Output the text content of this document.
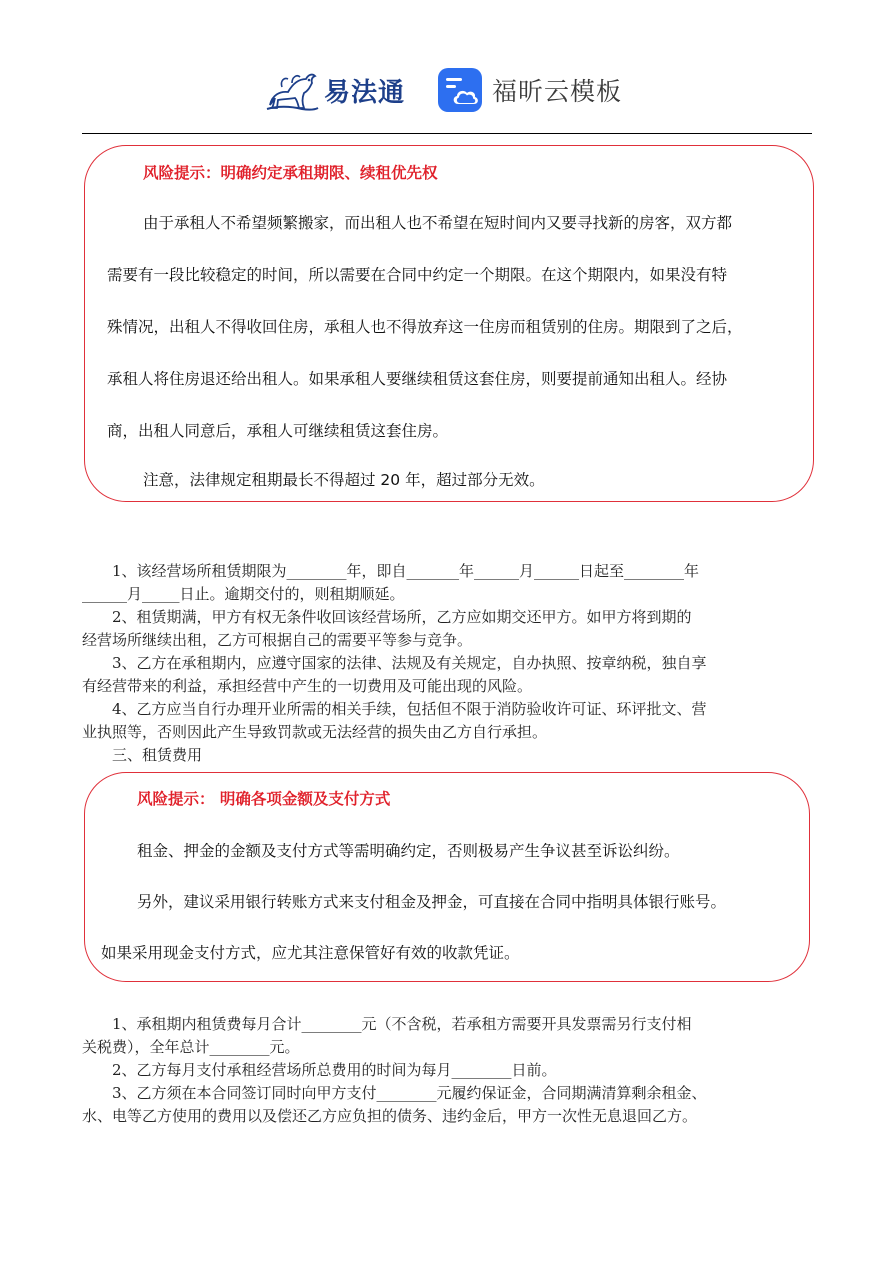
易法通	福昕云模板
风险提示：明确约定承租期限、续租优先权
由于承租人不希望频繁搬家，而出租人也不希望在短时间内又要寻找新的房客，双方都
需要有一段比较稳定的时间，所以需要在合同中约定一个期限。在这个期限内，如果没有特
殊情况，出租人不得收回住房，承租人也不得放弃这一住房而租赁别的住房。期限到了之后，
承租人将住房退还给出租人。如果承租人要继续租赁这套住房，则要提前通知出租人。经协
商，出租人同意后，承租人可继续租赁这套住房。
注意，法律规定租期最长不得超过 20 年，超过部分无效。
1、该经营场所租赁期限为________年，即自_______年______月______日起至________年
______月_____日止。逾期交付的，则租期顺延。
2、租赁期满，甲方有权无条件收回该经营场所，乙方应如期交还甲方。如甲方将到期的
经营场所继续出租，乙方可根据自己的需要平等参与竞争。
3、乙方在承租期内，应遵守国家的法律、法规及有关规定，自办执照、按章纳税，独自享
有经营带来的利益，承担经营中产生的一切费用及可能出现的风险。
4、乙方应当自行办理开业所需的相关手续，包括但不限于消防验收许可证、环评批文、营
业执照等，否则因此产生导致罚款或无法经营的损失由乙方自行承担。
三、租赁费用
风险提示： 明确各项金额及支付方式
租金、押金的金额及支付方式等需明确约定，否则极易产生争议甚至诉讼纠纷。
另外，建议采用银行转账方式来支付租金及押金，可直接在合同中指明具体银行账号。
如果采用现金支付方式，应尤其注意保管好有效的收款凭证。
1、承租期内租赁费每月合计________元（不含税，若承租方需要开具发票需另行支付相
关税费），全年总计________元。
2、乙方每月支付承租经营场所总费用的时间为每月________日前。
3、乙方须在本合同签订同时向甲方支付________元履约保证金，合同期满清算剩余租金、
水、电等乙方使用的费用以及偿还乙方应负担的债务、违约金后，甲方一次性无息退回乙方。
